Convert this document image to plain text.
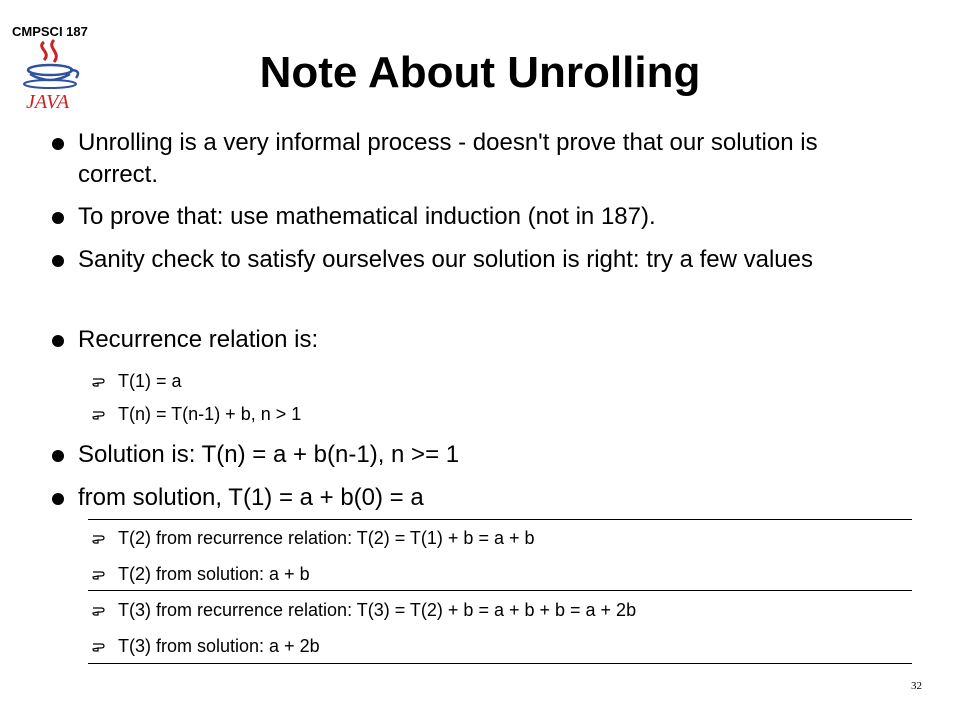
CMPSCI 187
JAVA
Note About Unrolling
Unrolling is a very informal process - doesn't prove that our solution is correct.
To prove that: use mathematical induction (not in 187).
Sanity check to satisfy ourselves our solution is right: try a few values
Recurrence relation is:
T(1) = a
T(n) = T(n-1) + b, n > 1
Solution is: T(n) = a + b(n-1), n >= 1
from solution, T(1) = a + b(0) = a
T(2) from recurrence relation: T(2) = T(1) + b = a + b
T(2) from solution: a + b
T(3) from recurrence relation: T(3) = T(2) + b = a + b + b = a + 2b
T(3) from solution: a + 2b
32
